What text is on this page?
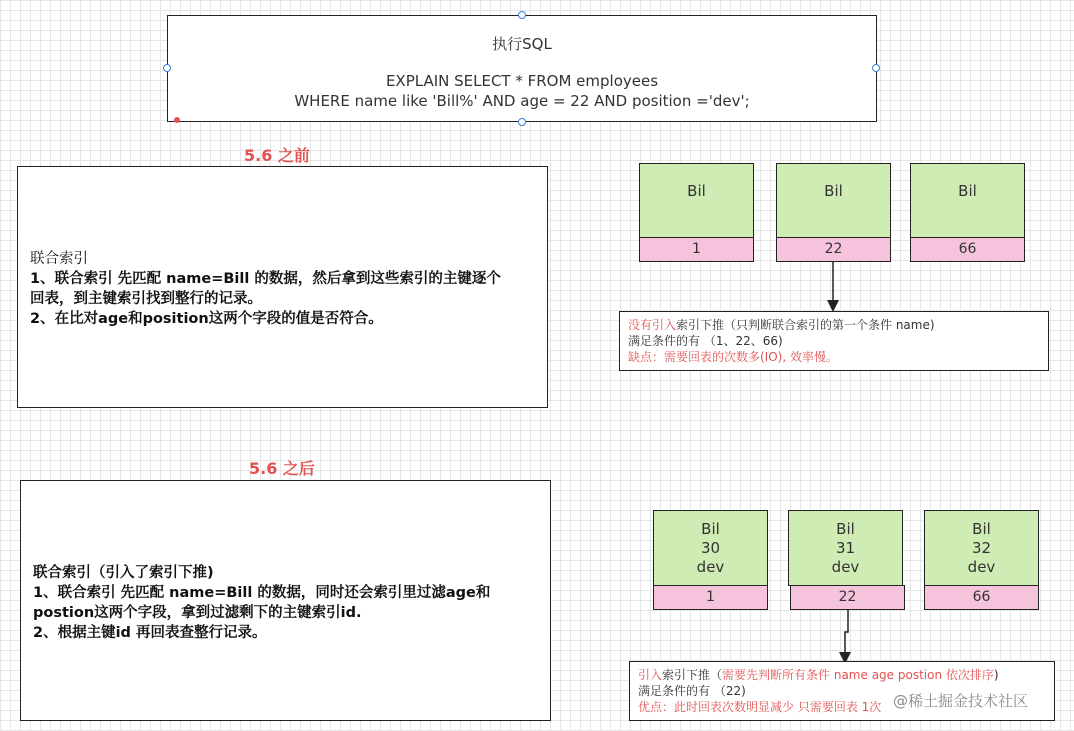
执行SQL
EXPLAIN SELECT * FROM employees
WHERE name like 'Bill%' AND age = 22 AND position ='dev';
5.6 之前
联合索引
1、联合索引 先匹配 name=Bill 的数据，然后拿到这些索引的主键逐个
回表，到主键索引找到整行的记录。
2、在比对age和position这两个字段的值是否符合。
Bil
1
Bil
22
Bil
66
没有引入索引下推（只判断联合索引的第一个条件 name)
满足条件的有 （1、22、66)
缺点：需要回表的次数多(IO), 效率慢。
5.6 之后
联合索引（引入了索引下推)
1、联合索引 先匹配 name=Bill 的数据，同时还会索引里过滤age和
postion这两个字段，拿到过滤剩下的主键索引id.
2、根据主键id 再回表查整行记录。
Bil
30
dev
1
Bil
31
dev
22
Bil
32
dev
66
引入索引下推（需要先判断所有条件 name age postion 依次排序)
满足条件的有 （22)
优点：此时回表次数明显减少 只需要回表 1次 @稀土掘金技术社区
